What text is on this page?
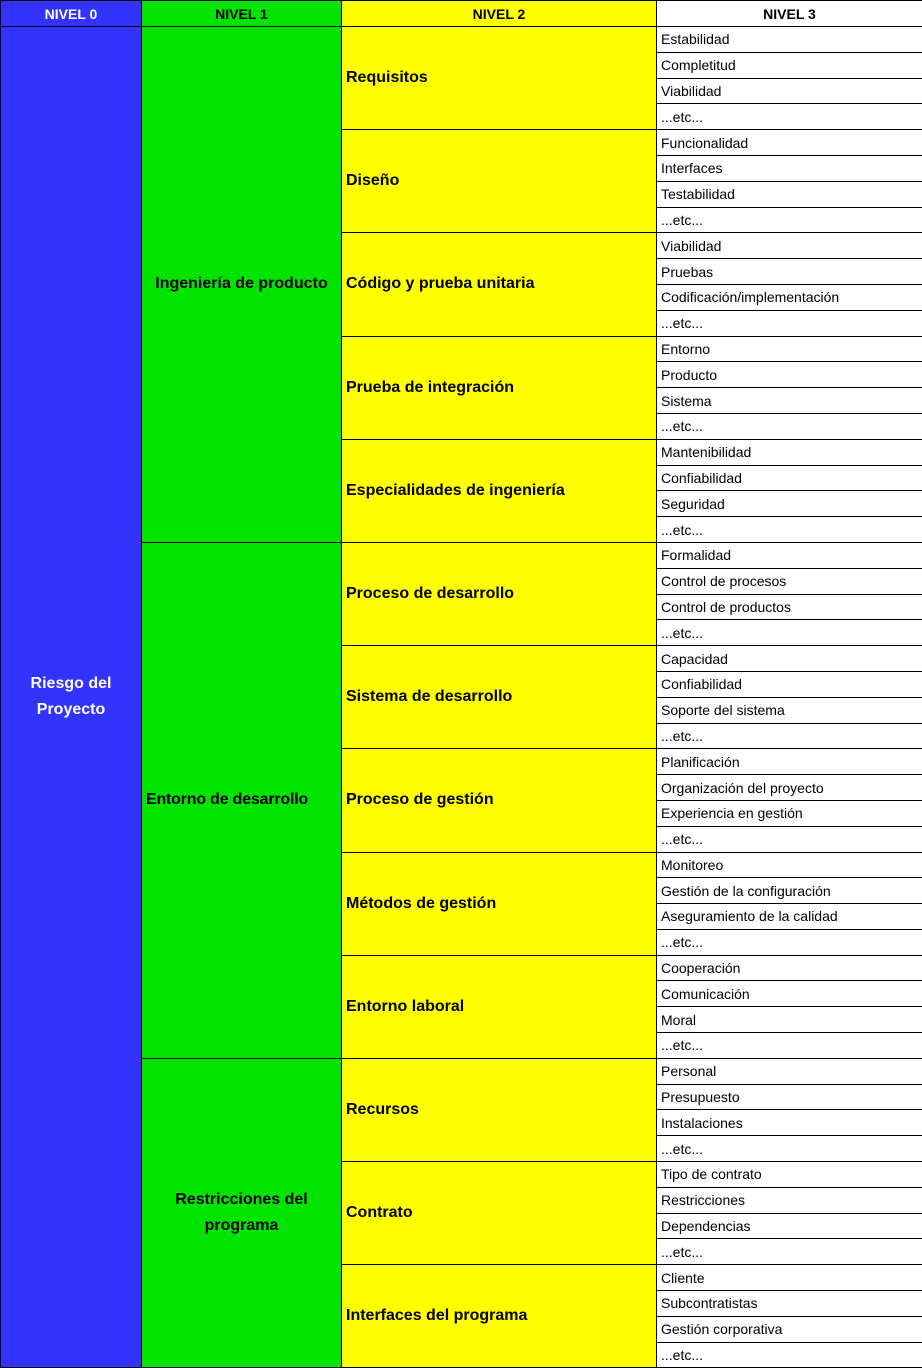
NIVEL 0	NIVEL 1	NIVEL 2	NIVEL 3
Riesgo del Proyecto	Ingeniería de producto	Requisitos	Estabilidad
			Completitud
			Viabilidad
			...etc...
		Diseño	Funcionalidad
			Interfaces
			Testabilidad
			...etc...
		Código y prueba unitaria	Viabilidad
			Pruebas
			Codificación/implementación
			...etc...
		Prueba de integración	Entorno
			Producto
			Sistema
			...etc...
		Especialidades de ingeniería	Mantenibilidad
			Confiabilidad
			Seguridad
			...etc...
	Entorno de desarrollo	Proceso de desarrollo	Formalidad
			Control de procesos
			Control de productos
			...etc...
		Sistema de desarrollo	Capacidad
			Confiabilidad
			Soporte del sistema
			...etc...
		Proceso de gestión	Planificación
			Organización del proyecto
			Experiencia en gestión
			...etc...
		Métodos de gestión	Monitoreo
			Gestión de la configuración
			Aseguramiento de la calidad
			...etc...
		Entorno laboral	Cooperación
			Comunicación
			Moral
			...etc...
	Restricciones del programa	Recursos	Personal
			Presupuesto
			Instalaciones
			...etc...
		Contrato	Tipo de contrato
			Restricciones
			Dependencias
			...etc...
		Interfaces del programa	Cliente
			Subcontratistas
			Gestión corporativa
			...etc...
